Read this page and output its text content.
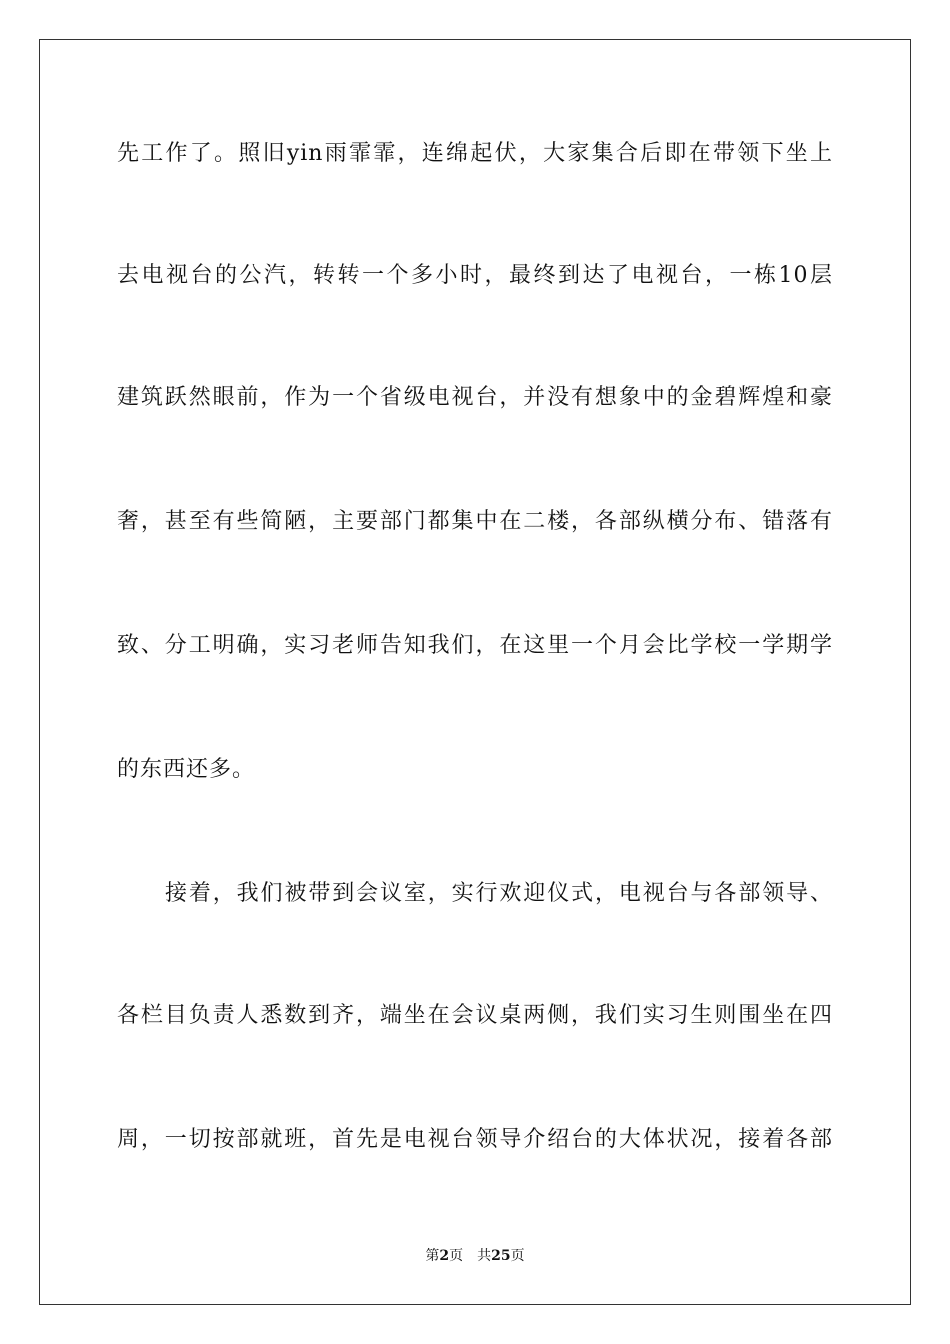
先工作了。照旧yin雨霏霏，连绵起伏，大家集合后即在带领下坐上
去电视台的公汽，转转一个多小时，最终到达了电视台，一栋10层
建筑跃然眼前，作为一个省级电视台，并没有想象中的金碧辉煌和豪
奢，甚至有些简陋，主要部门都集中在二楼，各部纵横分布、错落有
致、分工明确，实习老师告知我们，在这里一个月会比学校一学期学
的东西还多。
接着，我们被带到会议室，实行欢迎仪式，电视台与各部领导、
各栏目负责人悉数到齐，端坐在会议桌两侧，我们实习生则围坐在四
周，一切按部就班，首先是电视台领导介绍台的大体状况，接着各部
第2页 共25页
